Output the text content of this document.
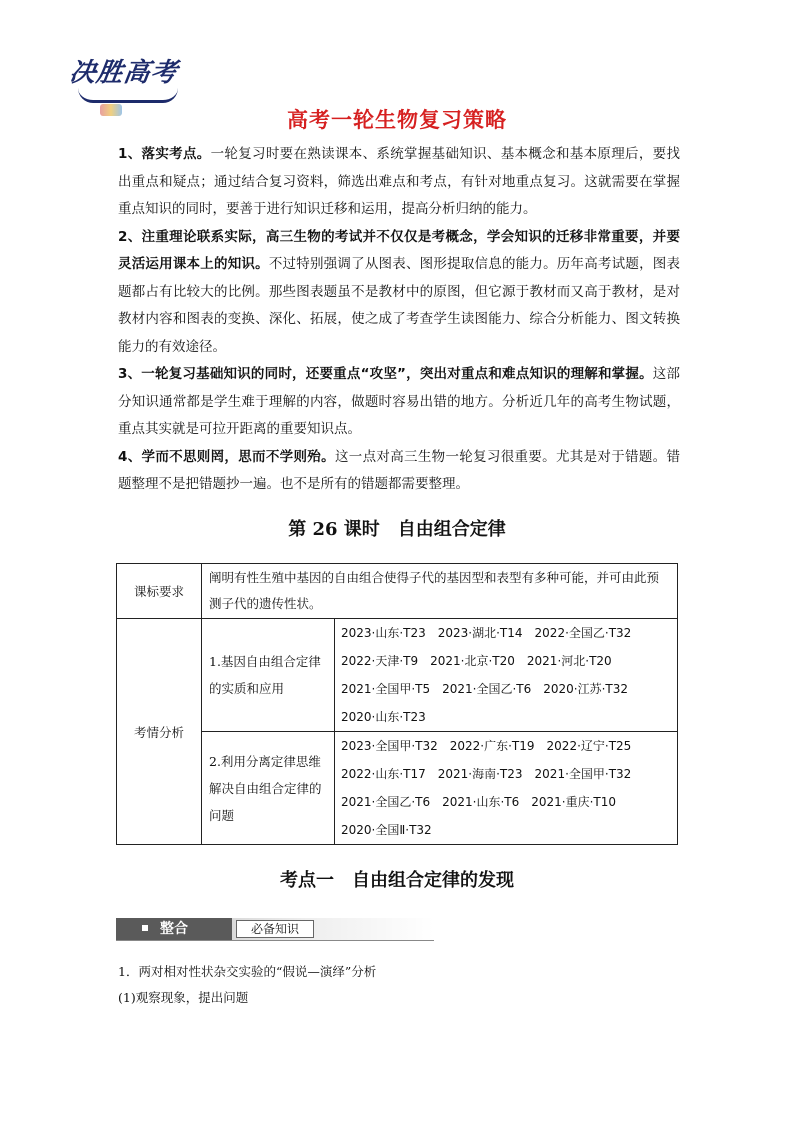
决胜高考
高考一轮生物复习策略

1、落实考点。一轮复习时要在熟读课本、系统掌握基础知识、基本概念和基本原理后，要找出重点和疑点；通过结合复习资料，筛选出难点和考点，有针对地重点复习。这就需要在掌握重点知识的同时，要善于进行知识迁移和运用，提高分析归纳的能力。

2、注重理论联系实际，高三生物的考试并不仅仅是考概念，学会知识的迁移非常重要，并要灵活运用课本上的知识。不过特别强调了从图表、图形提取信息的能力。历年高考试题，图表题都占有比较大的比例。那些图表题虽不是教材中的原图，但它源于教材而又高于教材，是对教材内容和图表的变换、深化、拓展，使之成了考查学生读图能力、综合分析能力、图文转换能力的有效途径。

3、一轮复习基础知识的同时，还要重点“攻坚”，突出对重点和难点知识的理解和掌握。这部分知识通常都是学生难于理解的内容，做题时容易出错的地方。分析近几年的高考生物试题，重点其实就是可拉开距离的重要知识点。

4、学而不思则罔，思而不学则殆。这一点对高三生物一轮复习很重要。尤其是对于错题。错题整理不是把错题抄一遍。也不是所有的错题都需要整理。

第 26 课时　自由组合定律
课标要求	阐明有性生殖中基因的自由组合使得子代的基因型和表型有多种可能，并可由此预测子代的遗传性状。	
考情分析	1.基因自由组合定律的实质和应用	2023·山东·T23　2023·湖北·T14　2022·全国乙·T32
2022·天津·T9　2021·北京·T20　2021·河北·T20
2021·全国甲·T5　2021·全国乙·T6　2020·江苏·T32
2020·山东·T23

	2.利用分离定律思维解决自由组合定律的问题	2023·全国甲·T32　2022·广东·T19　2022·辽宁·T25
2022·山东·T17　2021·海南·T23　2021·全国甲·T32
2021·全国乙·T6　2021·山东·T6　2021·重庆·T10
2020·全国Ⅱ·T32
考点一　自由组合定律的发现
整合	必备知识
1．两对相对性状杂交实验的“假说—演绎”分析
(1)观察现象，提出问题
